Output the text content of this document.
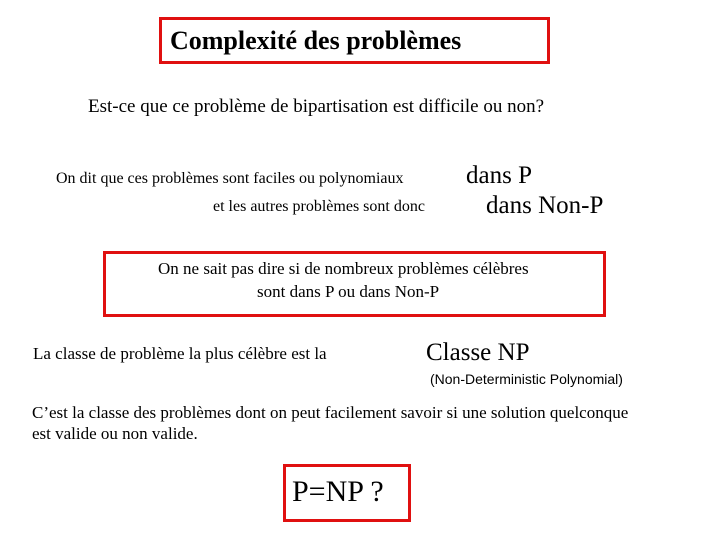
Complexité des problèmes
Est-ce que ce problème de bipartisation est difficile ou non?
On dit que ces problèmes sont faciles ou polynomiaux	dans P
et les autres problèmes sont donc dans Non-P
On ne sait pas dire si de nombreux problèmes célèbres
sont dans P ou dans Non-P
La classe de problème la plus célèbre est la	Classe NP
(Non-Deterministic Polynomial)
C’est la classe des problèmes dont on peut facilement savoir si une solution quelconque
est valide ou non valide.
P=NP ?
